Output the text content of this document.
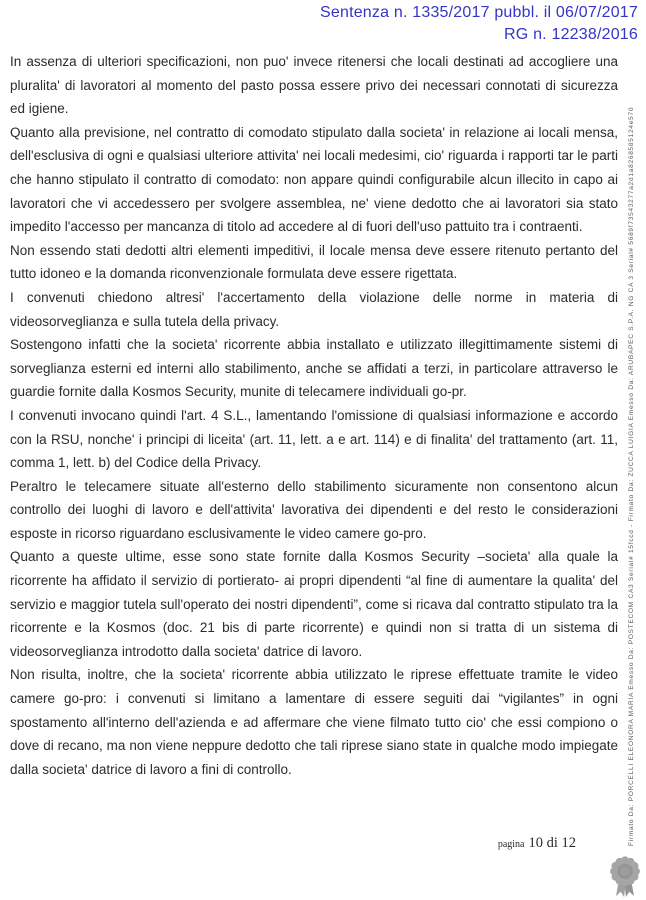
Sentenza n. 1335/2017 pubbl. il 06/07/2017
RG n. 12238/2016

In assenza di ulteriori specificazioni, non puo' invece ritenersi che locali destinati ad accogliere una pluralita' di lavoratori al momento del pasto possa essere privo dei necessari connotati di sicurezza ed igiene.

Quanto alla previsione, nel contratto di comodato stipulato dalla societa' in relazione ai locali mensa, dell'esclusiva di ogni e qualsiasi ulteriore attivita' nei locali medesimi, cio' riguarda i rapporti tar le parti che hanno stipulato il contratto di comodato: non appare quindi configurabile alcun illecito in capo ai lavoratori che vi accedessero per svolgere assemblea, ne' viene dedotto che ai lavoratori sia stato impedito l'accesso per mancanza di titolo ad accedere al di fuori dell'uso pattuito tra i contraenti.

Non essendo stati dedotti altri elementi impeditivi, il locale mensa deve essere ritenuto pertanto del tutto idoneo e la domanda riconvenzionale formulata deve essere rigettata.

I convenuti chiedono altresi' l'accertamento della violazione delle norme in materia di videosorveglianza e sulla tutela della privacy.

Sostengono infatti che la societa' ricorrente abbia installato e utilizzato illegittimamente sistemi di sorveglianza esterni ed interni allo stabilimento, anche se affidati a terzi, in particolare attraverso le guardie fornite dalla Kosmos Security, munite di telecamere individuali go-pr.

I convenuti invocano quindi l'art. 4 S.L., lamentando l'omissione di qualsiasi informazione e accordo con la RSU, nonche' i principi di liceita' (art. 11, lett. a e art. 114) e di finalita' del trattamento (art. 11, comma 1, lett. b) del Codice della Privacy.

Peraltro le telecamere situate all'esterno dello stabilimento sicuramente non consentono alcun controllo dei luoghi di lavoro e dell'attivita' lavorativa dei dipendenti e del resto le considerazioni esposte in ricorso riguardano esclusivamente le video camere go-pro.

Quanto a queste ultime, esse sono state fornite dalla Kosmos Security –societa' alla quale la ricorrente ha affidato il servizio di portierato- ai propri dipendenti “al fine di aumentare la qualita' del servizio e maggior tutela sull'operato dei nostri dipendenti”, come si ricava dal contratto stipulato tra la ricorrente e la Kosmos (doc. 21 bis di parte ricorrente) e quindi non si tratta di un sistema di videosorveglianza introdotto dalla societa' datrice di lavoro.

Non risulta, inoltre, che la societa' ricorrente abbia utilizzato le riprese effettuate tramite le video camere go-pro: i convenuti si limitano a lamentare di essere seguiti dai “vigilantes” in ogni spostamento all'interno dell'azienda e ad affermare che viene filmato tutto cio' che essi compiono o dove di recano, ma non viene neppure dedotto che tali riprese siano state in qualche modo impiegate dalla societa' datrice di lavoro a fini di controllo.	Firmato Da: PORCELLI ELEONORA MARIA Emesso Da: POSTECOM CA3 Serial# 15fccd - Firmato Da: ZUCCA LUIGIA Emesso Da: ARUBAPEC S.P.A. NG CA 3 Serial# 5689f73543277a2d1a8268585124e570
pagina 10 di 12
